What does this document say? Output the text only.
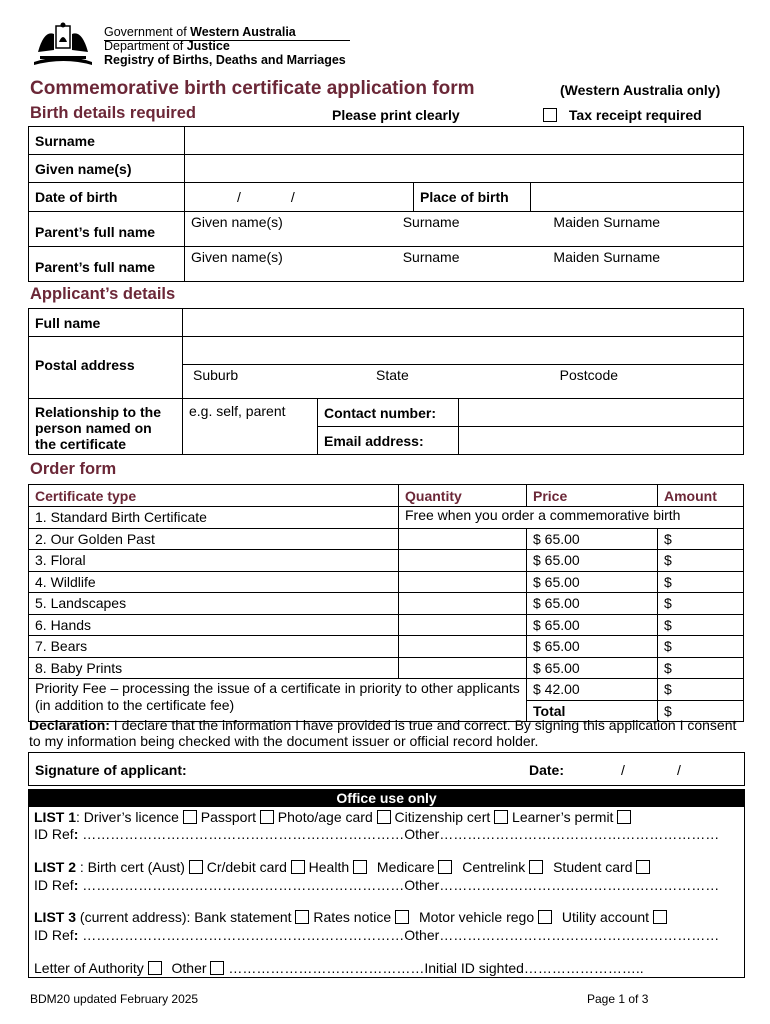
Government of Western Australia
Department of Justice
Registry of Births, Deaths and Marriages
Commemorative birth certificate application form	(Western Australia only)
Birth details required	Please print clearly	Tax receipt required
Surname			
Given name(s)			
Date of birth	/ /	Place of birth	
Parent’s full name	Given name(s) Surname Maiden Surname		
Parent’s full name	Given name(s) Surname Maiden Surname		
Applicant’s details
Full name			
Postal address			
	Suburb State Postcode		
Relationship to the person named on the certificate	e.g. self, parent	Contact number:	
		Email address:	
Order form
Certificate type	Quantity	Price	Amount
1. Standard Birth Certificate	Free when you order a commemorative birth		
2. Our Golden Past		$ 65.00	$
3. Floral		$ 65.00	$
4. Wildlife		$ 65.00	$
5. Landscapes		$ 65.00	$
6. Hands		$ 65.00	$
7. Bears		$ 65.00	$
8. Baby Prints		$ 65.00	$
Priority Fee – processing the issue of a certificate in priority to other applicants (in addition to the certificate fee)		$ 42.00	$
		Total	$
Declaration: I declare that the information I have provided is true and correct. By signing this application I consent to my information being checked with the document issuer or official record holder.
Signature of applicant:	Date:	/	/
Office use only
LIST 1: Driver’s licence Passport Photo/age card Citizenship cert Learner’s permit
ID Ref: ……………………………………………………………Other……………………………………………………
LIST 2 : Birth cert (Aust) Cr/debit card Health Medicare Centrelink Student card
ID Ref: ……………………………………………………………Other……………………………………………………
LIST 3 (current address): Bank statement Rates notice Motor vehicle rego Utility account
ID Ref: ……………………………………………………………Other……………………………………………………
Letter of Authority Other  ……………………………………Initial ID sighted……………………..
BDM20 updated February 2025	Page 1 of 3
